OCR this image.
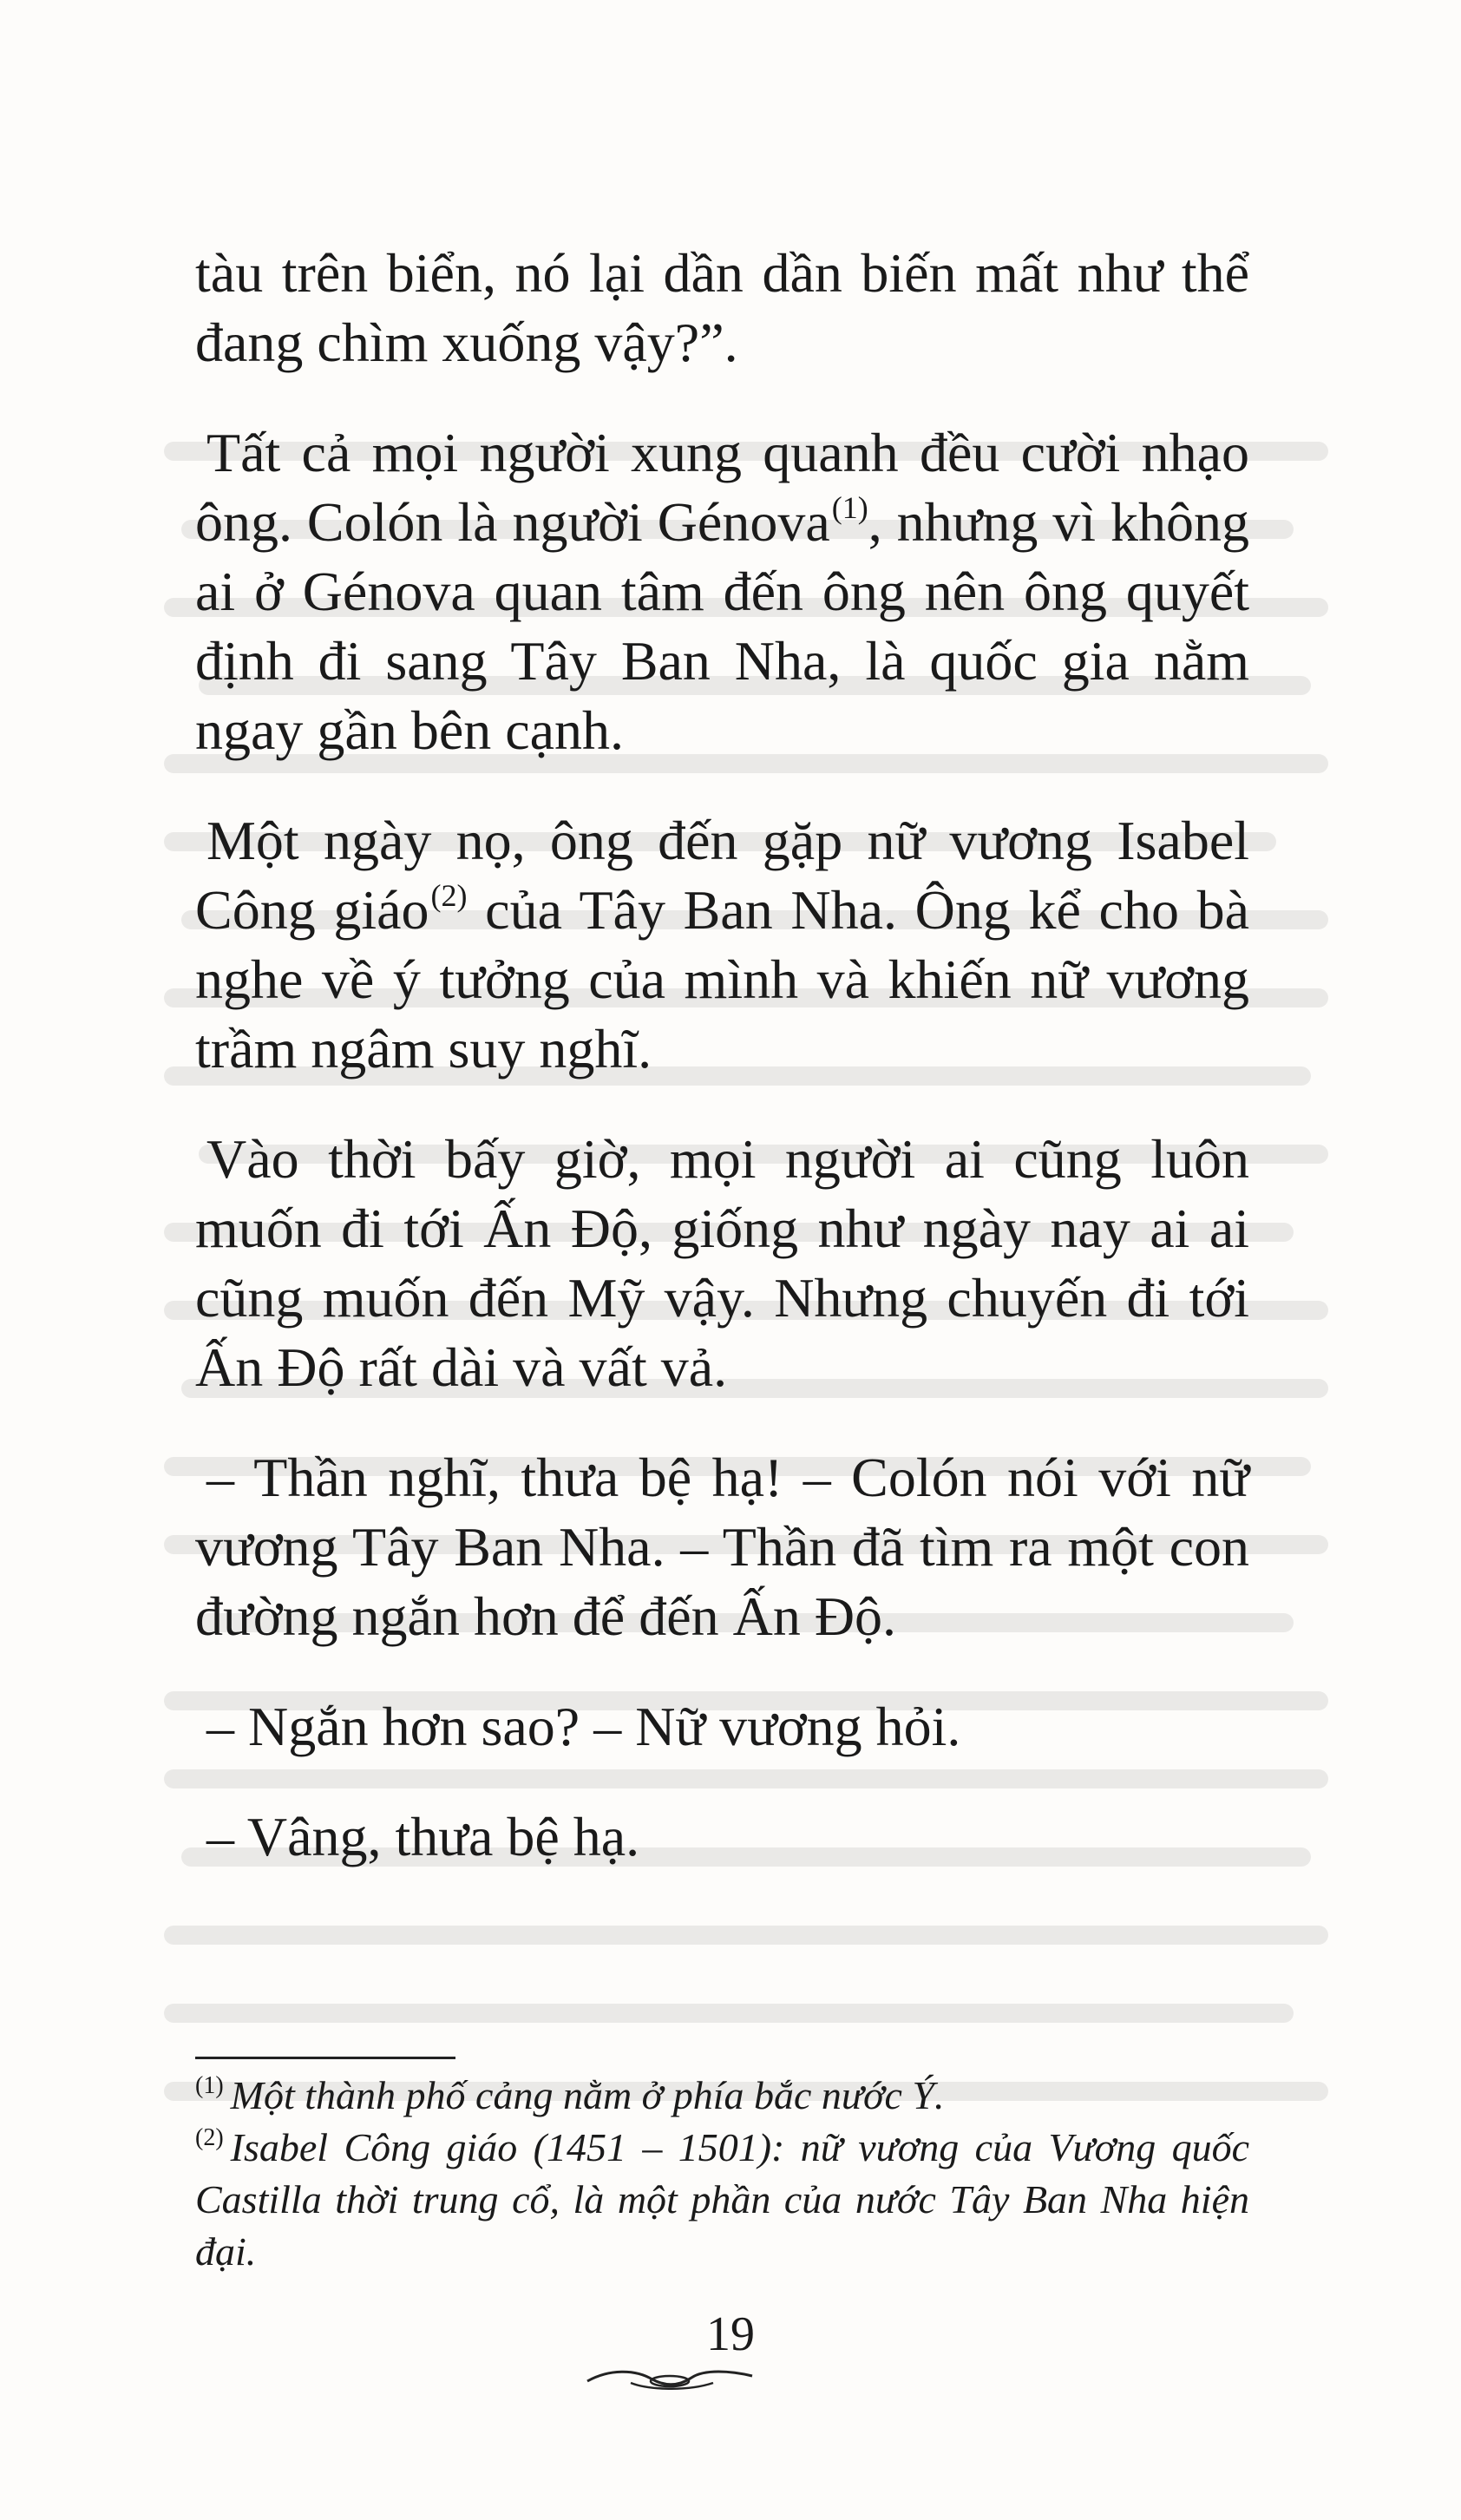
tàu trên biển, nó lại dần dần biến mất như thể đang chìm xuống vậy?”.

Tất cả mọi người xung quanh đều cười nhạo ông. Colón là người Génova$^{(1)}$, nhưng vì không ai ở Génova quan tâm đến ông nên ông quyết định đi sang Tây Ban Nha, là quốc gia nằm ngay gần bên cạnh.

Một ngày nọ, ông đến gặp nữ vương Isabel Công giáo$^{(2)}$ của Tây Ban Nha. Ông kể cho bà nghe về ý tưởng của mình và khiến nữ vương trầm ngâm suy nghĩ.

Vào thời bấy giờ, mọi người ai cũng luôn muốn đi tới Ấn Độ, giống như ngày nay ai ai cũng muốn đến Mỹ vậy. Nhưng chuyến đi tới Ấn Độ rất dài và vất vả.

– Thần nghĩ, thưa bệ hạ! – Colón nói với nữ vương Tây Ban Nha. – Thần đã tìm ra một con đường ngắn hơn để đến Ấn Độ.

– Ngắn hơn sao? – Nữ vương hỏi.

– Vâng, thưa bệ hạ.

$^{(1)}$ Một thành phố cảng nằm ở phía bắc nước Ý.

$^{(2)}$ Isabel Công giáo (1451 – 1501): nữ vương của Vương quốc Castilla thời trung cổ, là một phần của nước Tây Ban Nha hiện đại.

19
